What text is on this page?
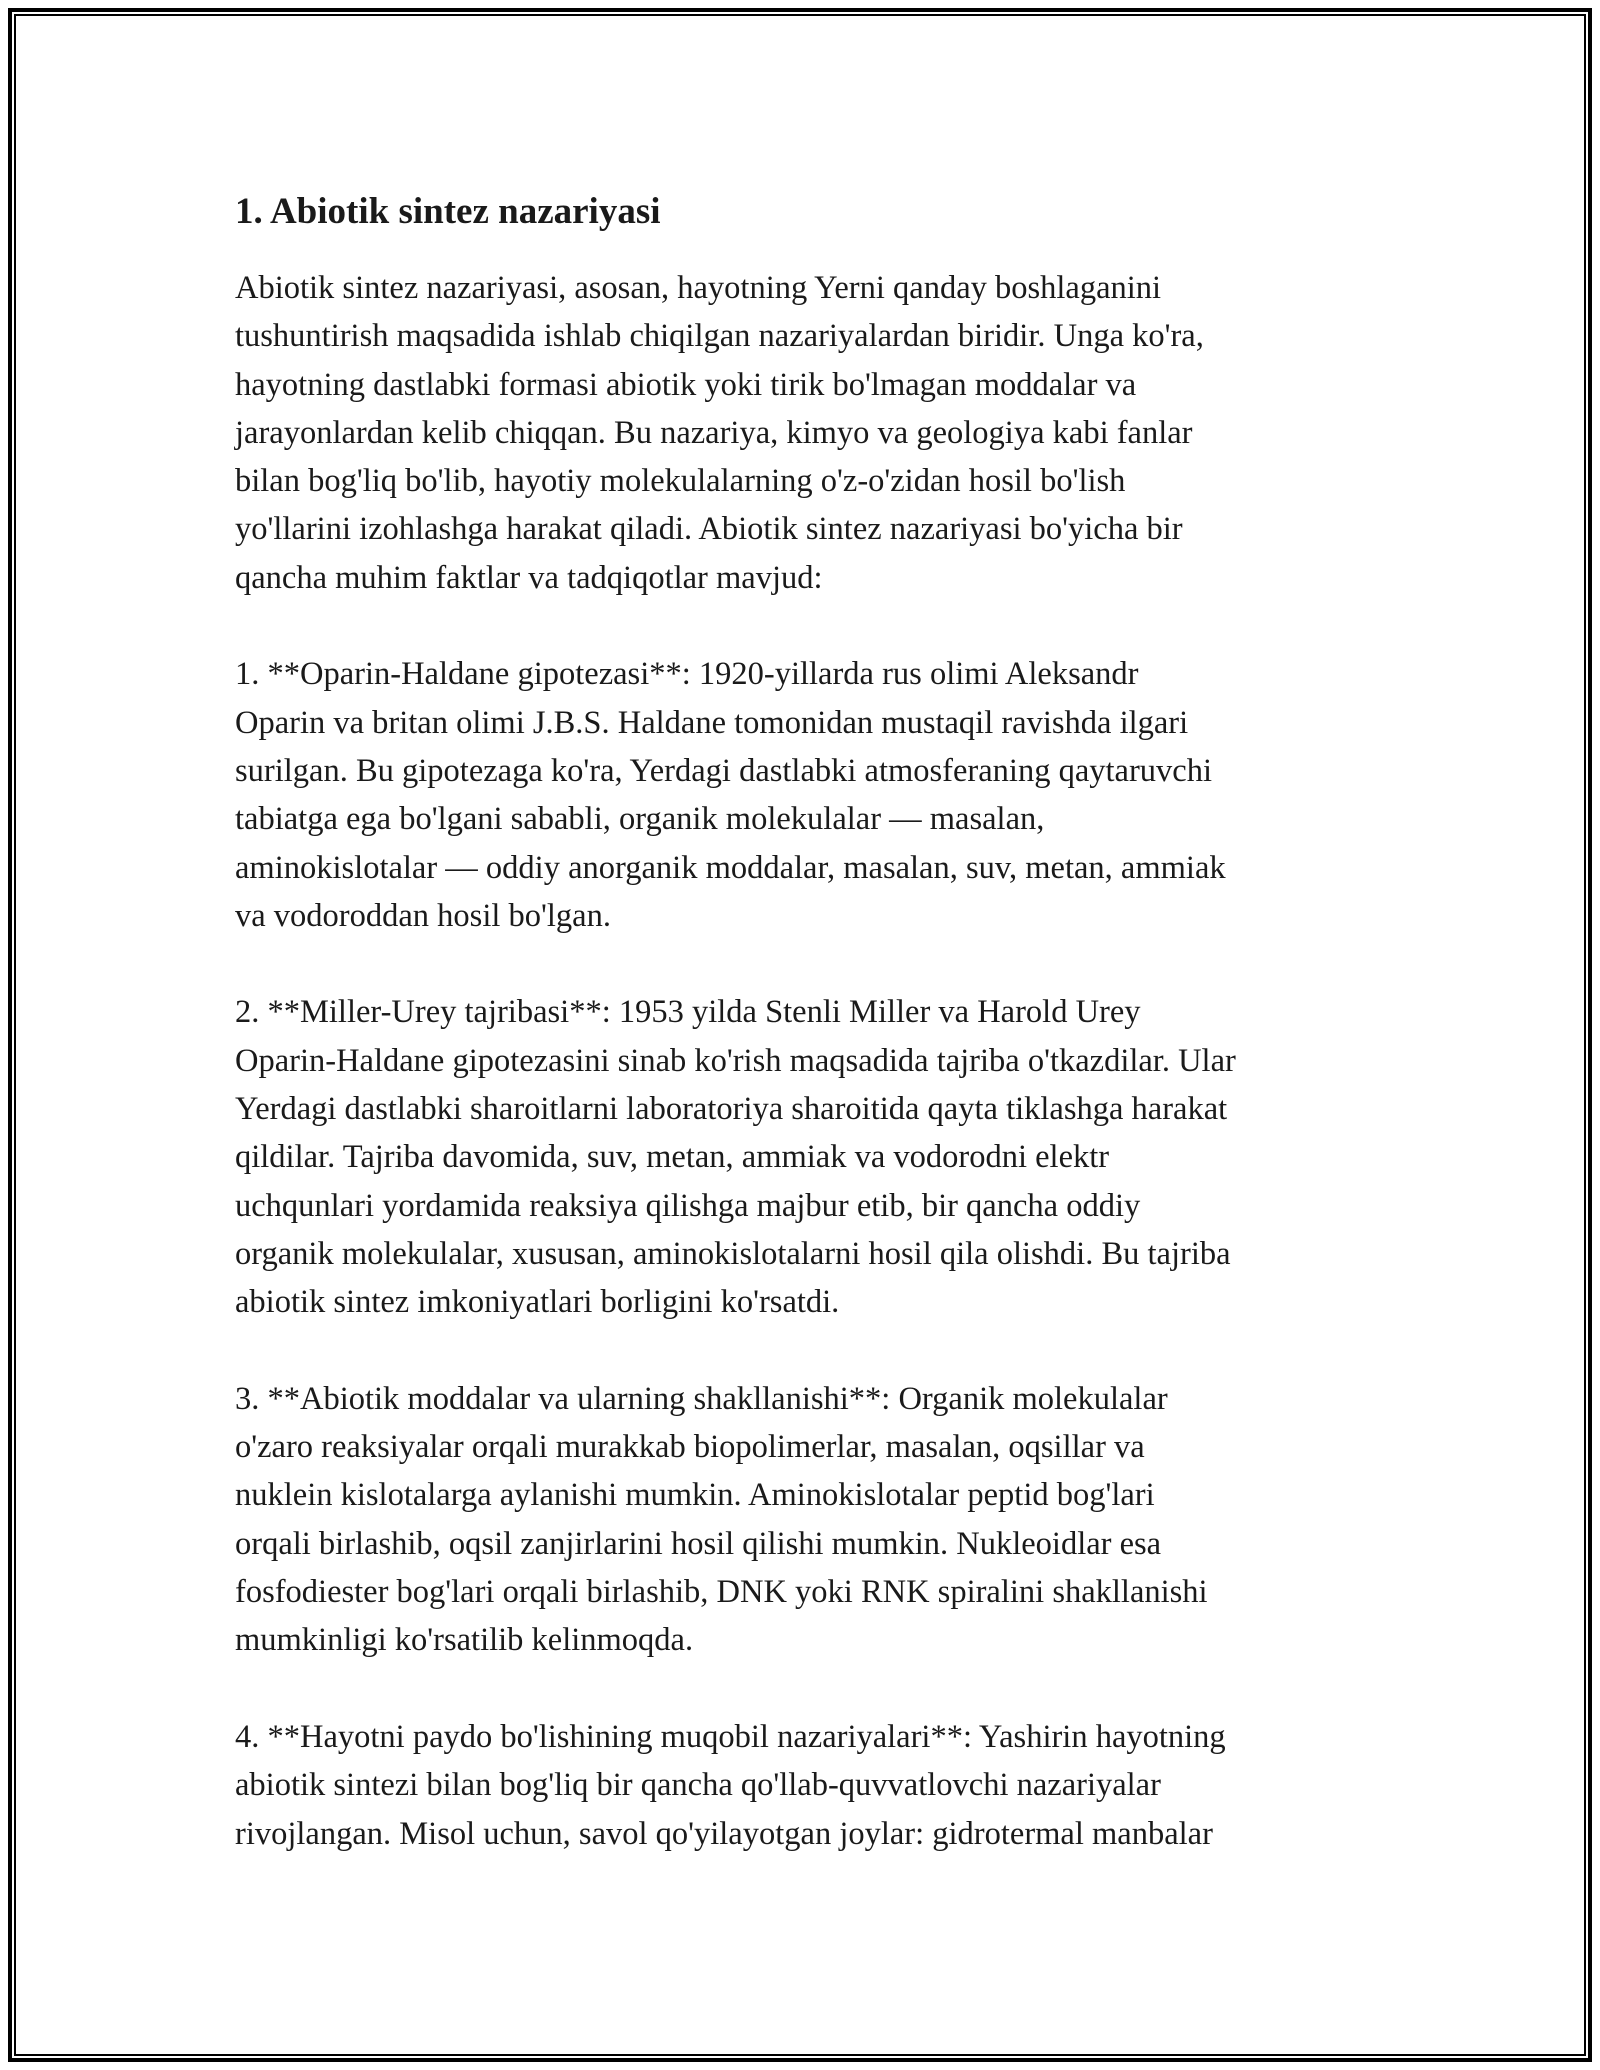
1. Abiotik sintez nazariyasi

Abiotik sintez nazariyasi, asosan, hayotning Yerni qanday boshlaganini
tushuntirish maqsadida ishlab chiqilgan nazariyalardan biridir. Unga ko'ra,
hayotning dastlabki formasi abiotik yoki tirik bo'lmagan moddalar va
jarayonlardan kelib chiqqan. Bu nazariya, kimyo va geologiya kabi fanlar
bilan bog'liq bo'lib, hayotiy molekulalarning o'z-o'zidan hosil bo'lish
yo'llarini izohlashga harakat qiladi. Abiotik sintez nazariyasi bo'yicha bir
qancha muhim faktlar va tadqiqotlar mavjud:

1. **Oparin-Haldane gipotezasi**: 1920-yillarda rus olimi Aleksandr
Oparin va britan olimi J.B.S. Haldane tomonidan mustaqil ravishda ilgari
surilgan. Bu gipotezaga ko'ra, Yerdagi dastlabki atmosferaning qaytaruvchi
tabiatga ega bo'lgani sababli, organik molekulalar — masalan,
aminokislotalar — oddiy anorganik moddalar, masalan, suv, metan, ammiak
va vodoroddan hosil bo'lgan.

2. **Miller-Urey tajribasi**: 1953 yilda Stenli Miller va Harold Urey
Oparin-Haldane gipotezasini sinab ko'rish maqsadida tajriba o'tkazdilar. Ular
Yerdagi dastlabki sharoitlarni laboratoriya sharoitida qayta tiklashga harakat
qildilar. Tajriba davomida, suv, metan, ammiak va vodorodni elektr
uchqunlari yordamida reaksiya qilishga majbur etib, bir qancha oddiy
organik molekulalar, xususan, aminokislotalarni hosil qila olishdi. Bu tajriba
abiotik sintez imkoniyatlari borligini ko'rsatdi.

3. **Abiotik moddalar va ularning shakllanishi**: Organik molekulalar
o'zaro reaksiyalar orqali murakkab biopolimerlar, masalan, oqsillar va
nuklein kislotalarga aylanishi mumkin. Aminokislotalar peptid bog'lari
orqali birlashib, oqsil zanjirlarini hosil qilishi mumkin. Nukleoidlar esa
fosfodiester bog'lari orqali birlashib, DNK yoki RNK spiralini shakllanishi
mumkinligi ko'rsatilib kelinmoqda.

4. **Hayotni paydo bo'lishining muqobil nazariyalari**: Yashirin hayotning
abiotik sintezi bilan bog'liq bir qancha qo'llab-quvvatlovchi nazariyalar
rivojlangan. Misol uchun, savol qo'yilayotgan joylar: gidrotermal manbalar
